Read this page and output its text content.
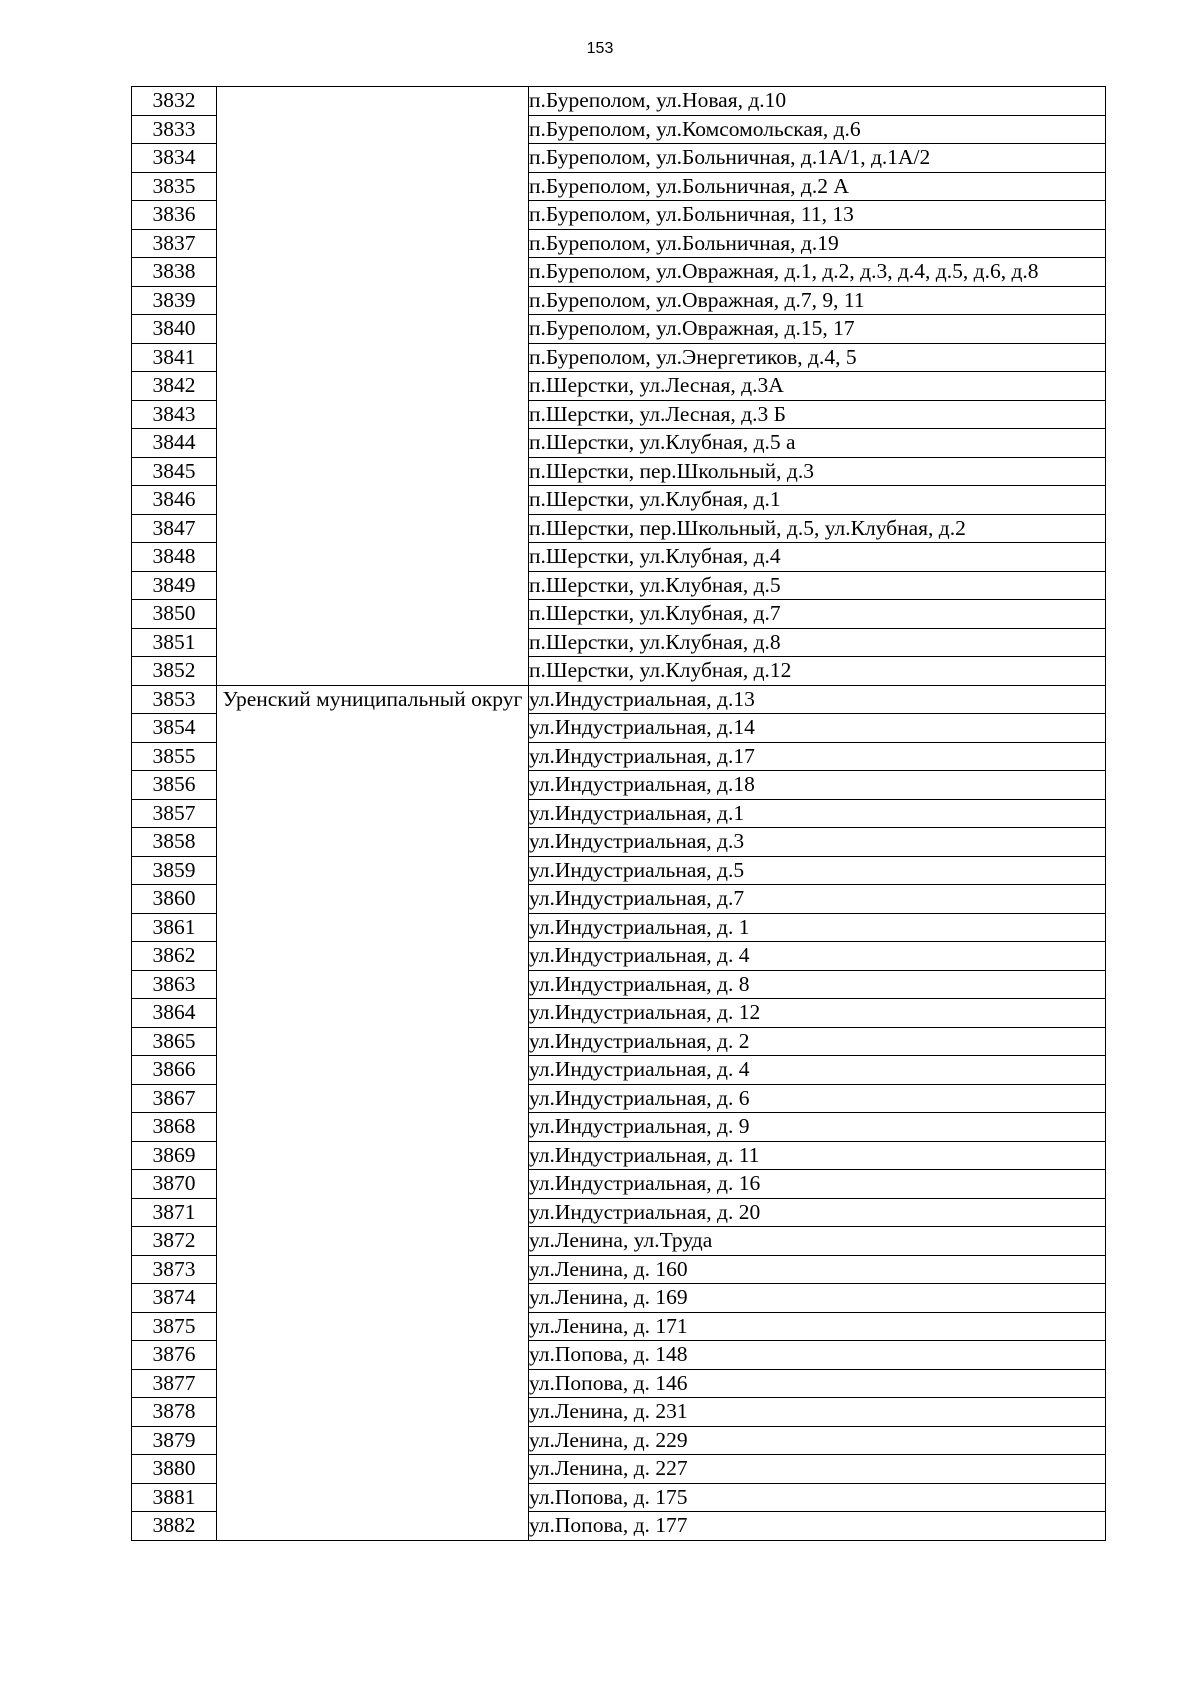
153
3832		п.Буреполом, ул.Новая, д.10
3833		п.Буреполом, ул.Комсомольская, д.6
3834		п.Буреполом, ул.Больничная, д.1А/1, д.1А/2
3835		п.Буреполом, ул.Больничная, д.2 А
3836		п.Буреполом, ул.Больничная, 11, 13
3837		п.Буреполом, ул.Больничная, д.19
3838		п.Буреполом, ул.Овражная, д.1, д.2, д.3, д.4, д.5, д.6, д.8
3839		п.Буреполом, ул.Овражная, д.7, 9, 11
3840		п.Буреполом, ул.Овражная, д.15, 17
3841		п.Буреполом, ул.Энергетиков, д.4, 5
3842		п.Шерстки, ул.Лесная, д.3А
3843		п.Шерстки, ул.Лесная, д.3 Б
3844		п.Шерстки, ул.Клубная, д.5 а
3845		п.Шерстки, пер.Школьный, д.3
3846		п.Шерстки, ул.Клубная, д.1
3847		п.Шерстки, пер.Школьный, д.5, ул.Клубная, д.2
3848		п.Шерстки, ул.Клубная, д.4
3849		п.Шерстки, ул.Клубная, д.5
3850		п.Шерстки, ул.Клубная, д.7
3851		п.Шерстки, ул.Клубная, д.8
3852		п.Шерстки, ул.Клубная, д.12
3853	Уренский муниципальный округ	ул.Индустриальная, д.13
3854		ул.Индустриальная, д.14
3855		ул.Индустриальная, д.17
3856		ул.Индустриальная, д.18
3857		ул.Индустриальная, д.1
3858		ул.Индустриальная, д.3
3859		ул.Индустриальная, д.5
3860		ул.Индустриальная, д.7
3861		ул.Индустриальная, д. 1
3862		ул.Индустриальная, д. 4
3863		ул.Индустриальная, д. 8
3864		ул.Индустриальная, д. 12
3865		ул.Индустриальная, д. 2
3866		ул.Индустриальная, д. 4
3867		ул.Индустриальная, д. 6
3868		ул.Индустриальная, д. 9
3869		ул.Индустриальная, д. 11
3870		ул.Индустриальная, д. 16
3871		ул.Индустриальная, д. 20
3872		ул.Ленина, ул.Труда
3873		ул.Ленина, д. 160
3874		ул.Ленина, д. 169
3875		ул.Ленина, д. 171
3876		ул.Попова, д. 148
3877		ул.Попова, д. 146
3878		ул.Ленина, д. 231
3879		ул.Ленина, д. 229
3880		ул.Ленина, д. 227
3881		ул.Попова, д. 175
3882		ул.Попова, д. 177
